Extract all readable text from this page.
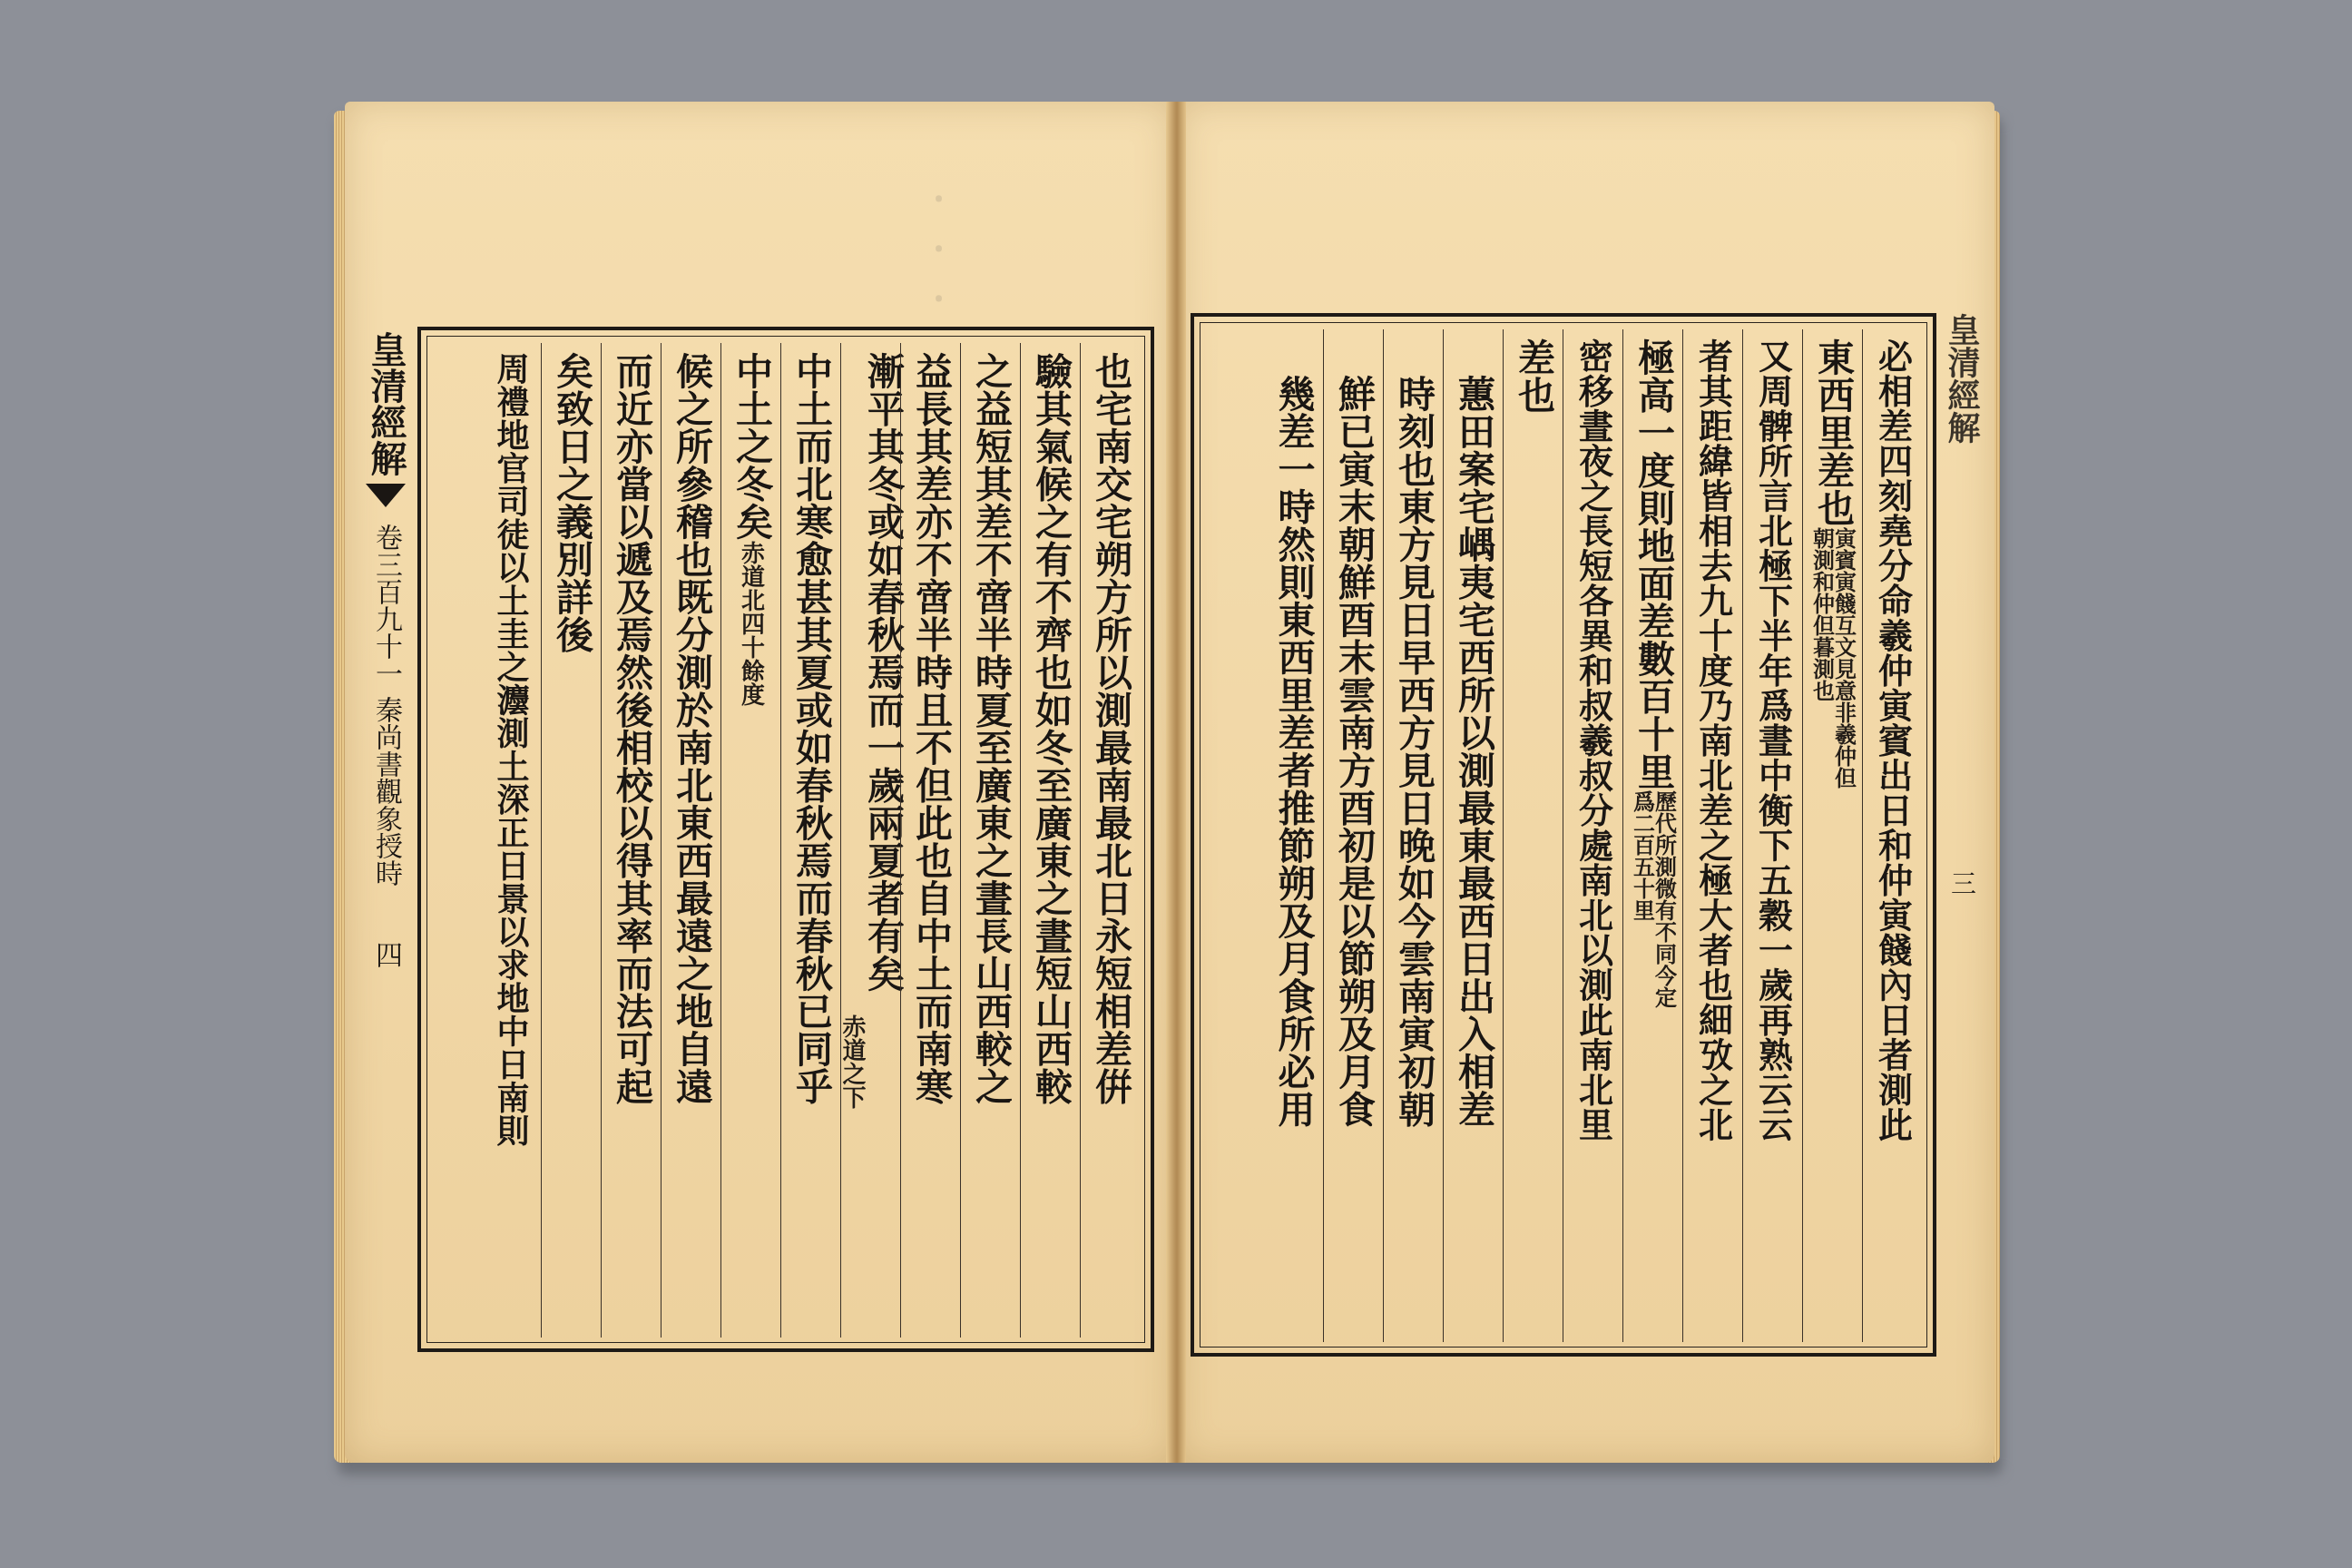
ꞏꞏꞏ
皇清經解
卷三百九十一
秦尚書觀象授時
四
皇清經解
三
也宅南交宅朔方所以測最南最北日永短相差倂
驗其氣候之有不齊也如冬至廣東之晝短山西較
之益短其差不啻半時夏至廣東之晝長山西較之
益長其差亦不啻半時且不但此也自中土而南寒
漸平其冬或如春秋焉而一歲兩夏者有矣
赤道之下
中土而北寒愈甚其夏或如春秋焉而春秋已同乎
中土之冬矣
赤道北四十餘度
候之所參稽也既分測於南北東西最遠之地自遠
而近亦當以遞及焉然後相校以得其率而法可起
矣致日之義別詳後
周禮地官司徒以土圭之灋測土深正日景以求地中日南則	必相差四刻堯分命羲仲寅賓出日和仲寅餞內日者測此
東西里差也
寅賓寅餞互文見意非羲仲但朝測和仲但暮測也
又周髀所言北極下半年爲晝中衡下五穀一歲再熟云云
者其距緯皆相去九十度乃南北差之極大者也細攷之北
極高一度則地面差數百十里
歷代所測微有不同今定爲二百五十里
密移晝夜之長短各異和叔羲叔分處南北以測此南北里
差也
蕙田案宅嵎夷宅西所以測最東最西日出入相差
時刻也東方見日早西方見日晚如今雲南寅初朝
鮮已寅末朝鮮酉末雲南方酉初是以節朔及月食
幾差一時然則東西里差者推節朔及月食所必用
